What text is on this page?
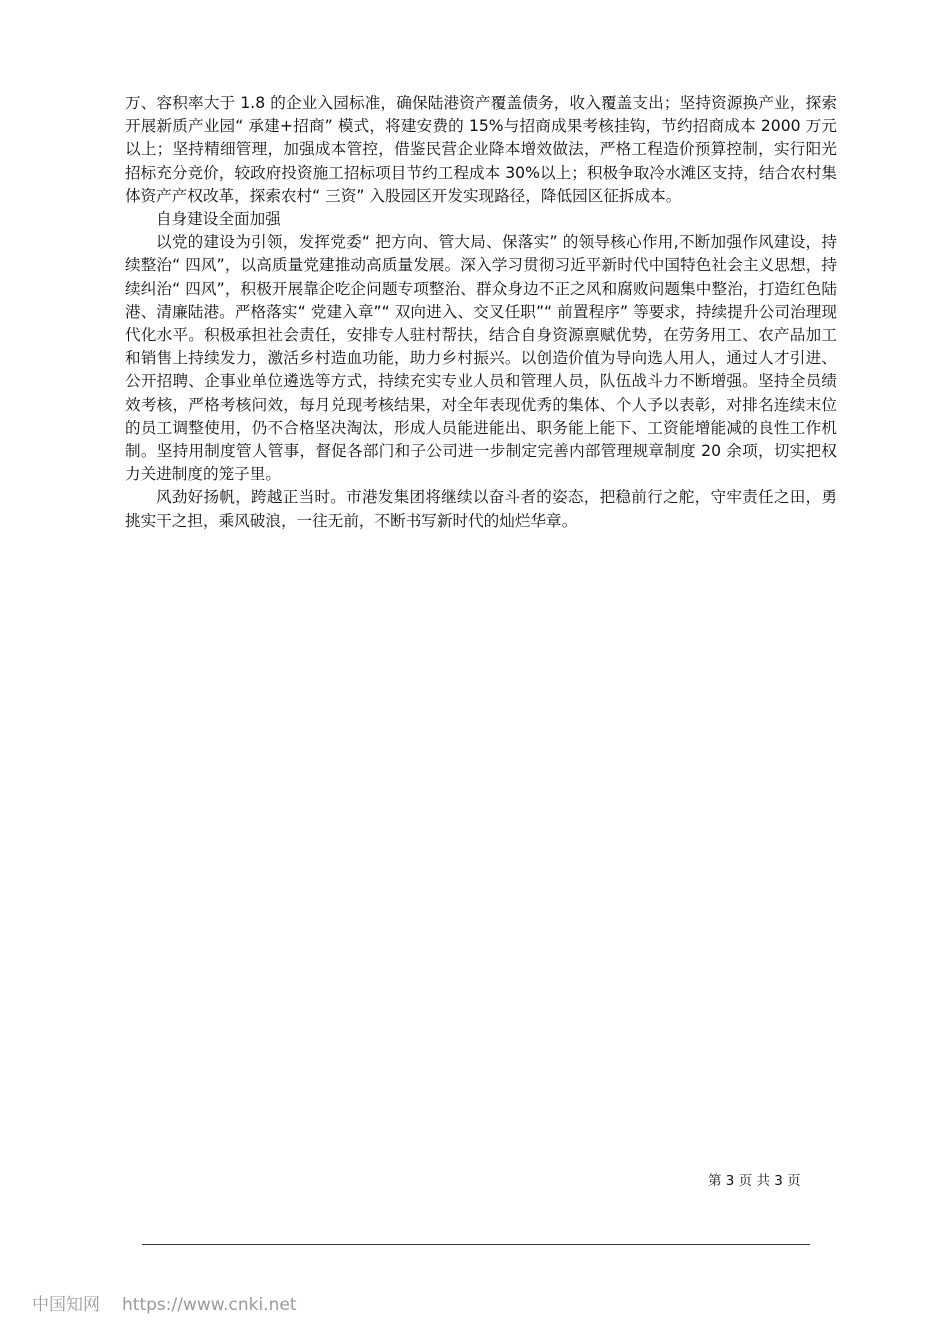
万、容积率大于 1.8 的企业入园标准，确保陆港资产覆盖债务，收入覆盖支出；坚持资源换产业，探索开展新质产业园“ 承建+招商” 模式，将建安费的 15%与招商成果考核挂钩，节约招商成本 2000 万元以上；坚持精细管理，加强成本管控，借鉴民营企业降本增效做法，严格工程造价预算控制，实行阳光招标充分竞价，较政府投资施工招标项目节约工程成本 30%以上；积极争取冷水滩区支持，结合农村集体资产产权改革，探索农村“ 三资” 入股园区开发实现路径，降低园区征拆成本。

自身建设全面加强

以党的建设为引领，发挥党委“ 把方向、管大局、保落实” 的领导核心作用,不断加强作风建设，持续整治“ 四风”，以高质量党建推动高质量发展。深入学习贯彻习近平新时代中国特色社会主义思想，持续纠治“ 四风”，积极开展靠企吃企问题专项整治、群众身边不正之风和腐败问题集中整治，打造红色陆港、清廉陆港。严格落实“ 党建入章”“ 双向进入、交叉任职”“ 前置程序” 等要求，持续提升公司治理现代化水平。积极承担社会责任，安排专人驻村帮扶，结合自身资源禀赋优势，在劳务用工、农产品加工和销售上持续发力，激活乡村造血功能，助力乡村振兴。以创造价值为导向选人用人，通过人才引进、公开招聘、企事业单位遴选等方式，持续充实专业人员和管理人员，队伍战斗力不断增强。坚持全员绩效考核，严格考核问效，每月兑现考核结果，对全年表现优秀的集体、个人予以表彰，对排名连续末位的员工调整使用，仍不合格坚决淘汰，形成人员能进能出、职务能上能下、工资能增能减的良性工作机制。坚持用制度管人管事，督促各部门和子公司进一步制定完善内部管理规章制度 20 余项，切实把权力关进制度的笼子里。

风劲好扬帆，跨越正当时。市港发集团将继续以奋斗者的姿态，把稳前行之舵，守牢责任之田，勇挑实干之担，乘风破浪，一往无前，不断书写新时代的灿烂华章。

第 3 页 共 3 页
中国知网 https://www.cnki.net
